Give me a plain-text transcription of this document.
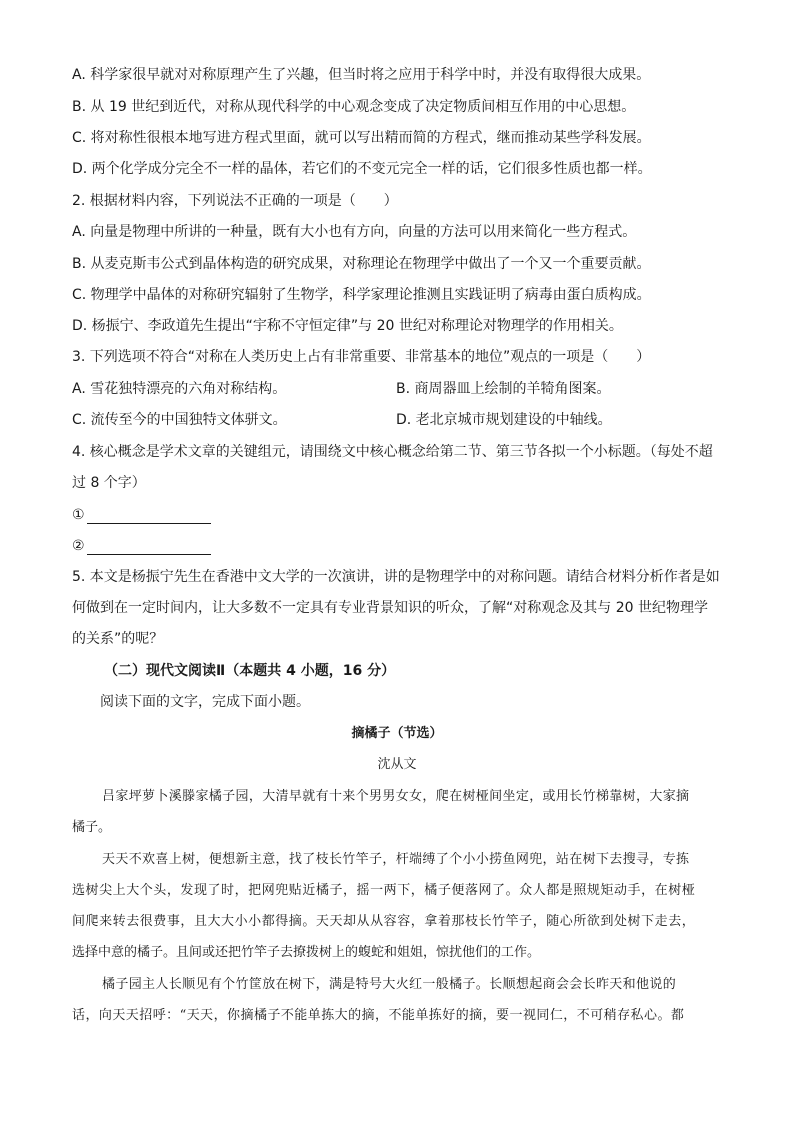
A. 科学家很早就对对称原理产生了兴趣，但当时将之应用于科学中时，并没有取得很大成果。
B. 从 19 世纪到近代，对称从现代科学的中心观念变成了决定物质间相互作用的中心思想。
C. 将对称性很根本地写进方程式里面，就可以写出精而简的方程式，继而推动某些学科发展。
D. 两个化学成分完全不一样的晶体，若它们的不变元完全一样的话，它们很多性质也都一样。
2. 根据材料内容，下列说法不正确的一项是（　　）
A. 向量是物理中所讲的一种量，既有大小也有方向，向量的方法可以用来简化一些方程式。
B. 从麦克斯韦公式到晶体构造的研究成果，对称理论在物理学中做出了一个又一个重要贡献。
C. 物理学中晶体的对称研究辐射了生物学，科学家理论推测且实践证明了病毒由蛋白质构成。
D. 杨振宁、李政道先生提出“宇称不守恒定律”与 20 世纪对称理论对物理学的作用相关。
3. 下列选项不符合“对称在人类历史上占有非常重要、非常基本的地位”观点的一项是（　　）
A. 雪花独特漂亮的六角对称结构。	B. 商周器皿上绘制的羊犄角图案。
C. 流传至今的中国独特文体骈文。	D. 老北京城市规划建设的中轴线。
4. 核心概念是学术文章的关键组元，请围绕文中核心概念给第二节、第三节各拟一个小标题。（每处不超
过 8 个字）
①
②
5. 本文是杨振宁先生在香港中文大学的一次演讲，讲的是物理学中的对称问题。请结合材料分析作者是如
何做到在一定时间内，让大多数不一定具有专业背景知识的听众，了解“对称观念及其与 20 世纪物理学
的关系”的呢？
（二）现代文阅读Ⅱ（本题共 4 小题，16 分）
阅读下面的文字，完成下面小题。
摘橘子（节选）
沈从文
吕家坪萝卜溪滕家橘子园，大清早就有十来个男男女女，爬在树桠间坐定，或用长竹梯靠树，大家摘
橘子。
天天不欢喜上树，便想新主意，找了枝长竹竿子，杆端缚了个小小捞鱼网兜，站在树下去搜寻，专拣
选树尖上大个头，发现了时，把网兜贴近橘子，摇一两下，橘子便落网了。众人都是照规矩动手，在树桠
间爬来转去很费事，且大大小小都得摘。天天却从从容容，拿着那枝长竹竿子，随心所欲到处树下走去，
选择中意的橘子。且间或还把竹竿子去撩拨树上的蝮蛇和姐姐，惊扰他们的工作。
橘子园主人长顺见有个竹筐放在树下，满是特号大火红一般橘子。长顺想起商会会长昨天和他说的
话，向天天招呼：“天天，你摘橘子不能单拣大的摘，不能单拣好的摘，要一视同仁，不可稍存私心。都
